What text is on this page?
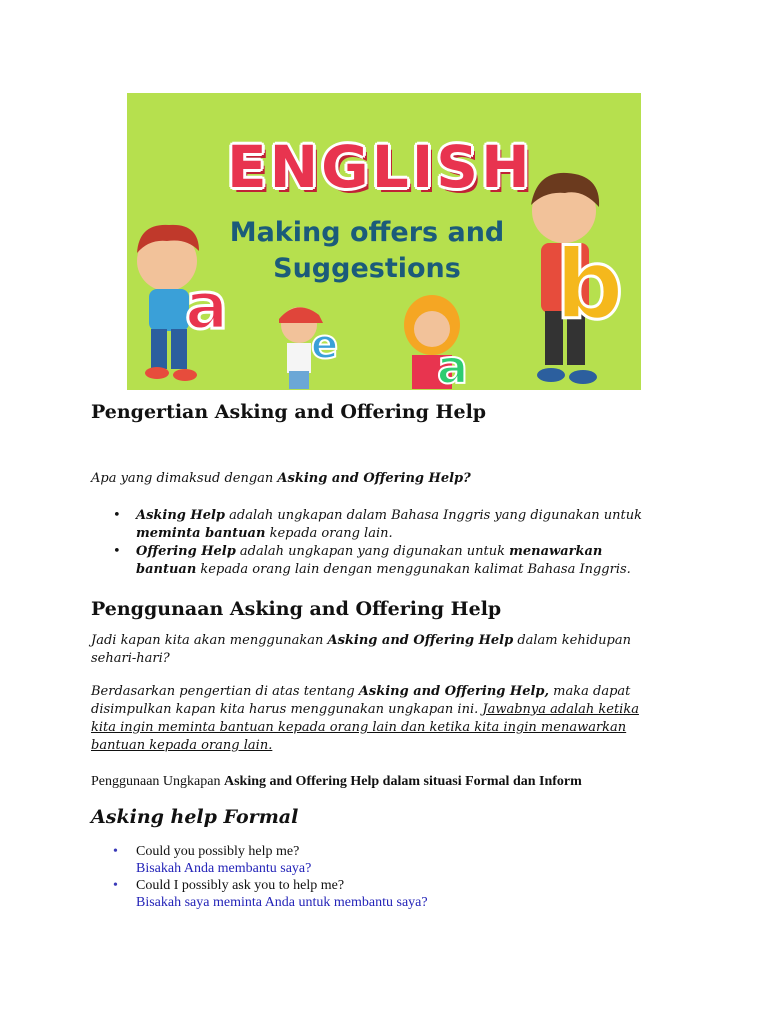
a
e a
b
ENGLISH
Making offers and
Suggestions
Pengertian Asking and Offering Help

Apa yang dimaksud dengan Asking and Offering Help?

• Asking Help adalah ungkapan dalam Bahasa Inggris yang digunakan untuk meminta bantuan kepada orang lain.
• Offering Help adalah ungkapan yang digunakan untuk menawarkan bantuan kepada orang lain dengan menggunakan kalimat Bahasa Inggris.
Penggunaan Asking and Offering Help

Jadi kapan kita akan menggunakan Asking and Offering Help dalam kehidupan sehari-hari?

Berdasarkan pengertian di atas tentang Asking and Offering Help, maka dapat disimpulkan kapan kita harus menggunakan ungkapan ini. Jawabnya adalah ketika kita ingin meminta bantuan kepada orang lain dan ketika kita ingin menawarkan bantuan kepada orang lain.

Penggunaan Ungkapan Asking and Offering Help dalam situasi Formal dan Inform

Asking help Formal
• Could you possibly help me?
Bisakah Anda membantu saya?
• Could I possibly ask you to help me?
Bisakah saya meminta Anda untuk membantu saya?
